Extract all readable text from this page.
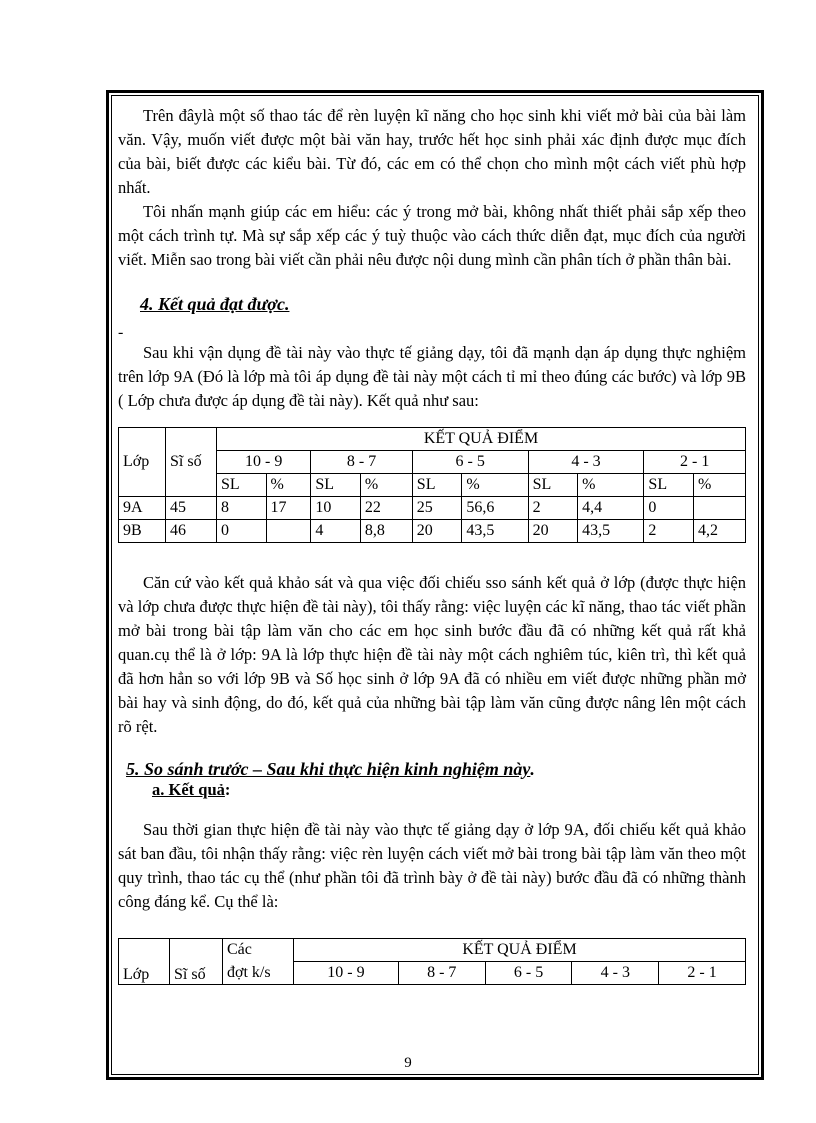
Trên đâylà một số thao tác để rèn luyện kĩ năng cho học sinh khi viết mở bài của bài làm văn. Vậy, muốn viết được một bài văn hay, trước hết học sinh phải xác định được mục đích của bài, biết được các kiểu bài. Từ đó, các em có thể chọn cho mình một cách viết phù hợp nhất.

Tôi nhấn mạnh giúp các em hiểu: các ý trong mở bài, không nhất thiết phải sắp xếp theo một cách trình tự. Mà sự sắp xếp các ý tuỳ thuộc vào cách thức diễn đạt, mục đích của người viết. Miễn sao trong bài viết cần phải nêu được nội dung mình cần phân tích ở phần thân bài.

4. Kết quả đạt được.
-

Sau khi vận dụng đề tài này vào thực tế giảng dạy, tôi đã mạnh dạn áp dụng thực nghiệm trên lớp 9A (Đó là lớp mà tôi áp dụng đề tài này một cách tỉ mỉ theo đúng các bước) và lớp 9B ( Lớp chưa được áp dụng đề tài này). Kết quả như sau:

Lớp	Sĩ số	KẾT QUẢ ĐIỂM									
		10 - 9		8 - 7		6 - 5		4 - 3		2 - 1	
		SL	%	SL	%	SL	%	SL	%	SL	%
9A	45	8	17	10	22	25	56,6	2	4,4	0	
9B	46	0		4	8,8	20	43,5	20	43,5	2	4,2

Căn cứ vào kết quả khảo sát và qua việc đối chiếu sso sánh kết quả ở lớp (được thực hiện và lớp chưa được thực hiện đề tài này), tôi thấy rằng: việc luyện các kĩ năng, thao tác viết phần mở bài trong bài tập làm văn cho các em học sinh bước đầu đã có những kết quả rất khả quan.cụ thể là ở lớp: 9A là lớp thực hiện đề tài này một cách nghiêm túc, kiên trì, thì kết quả đã hơn hẳn so với lớp 9B và Số học sinh ở lớp 9A đã có nhiều em viết được những phần mở bài hay và sinh động, do đó, kết quả của những bài tập làm văn cũng được nâng lên một cách rõ rệt.

5. So sánh trước – Sau khi thực hiện kinh nghiệm này.

a. Kết quả:

Sau thời gian thực hiện đề tài này vào thực tế giảng dạy ở lớp 9A, đối chiếu kết quả khảo sát ban đầu, tôi nhận thấy rằng: việc rèn luyện cách viết mở bài trong bài tập làm văn theo một quy trình, thao tác cụ thể (như phần tôi đã trình bày ở đề tài này) bước đầu đã có những thành công đáng kể. Cụ thể là:

Lớp	Sĩ số	Các	KẾT QUẢ ĐIỂM				
		đợt k/s	10 - 9	8 - 7	6 - 5	4 - 3	2 - 1
9
